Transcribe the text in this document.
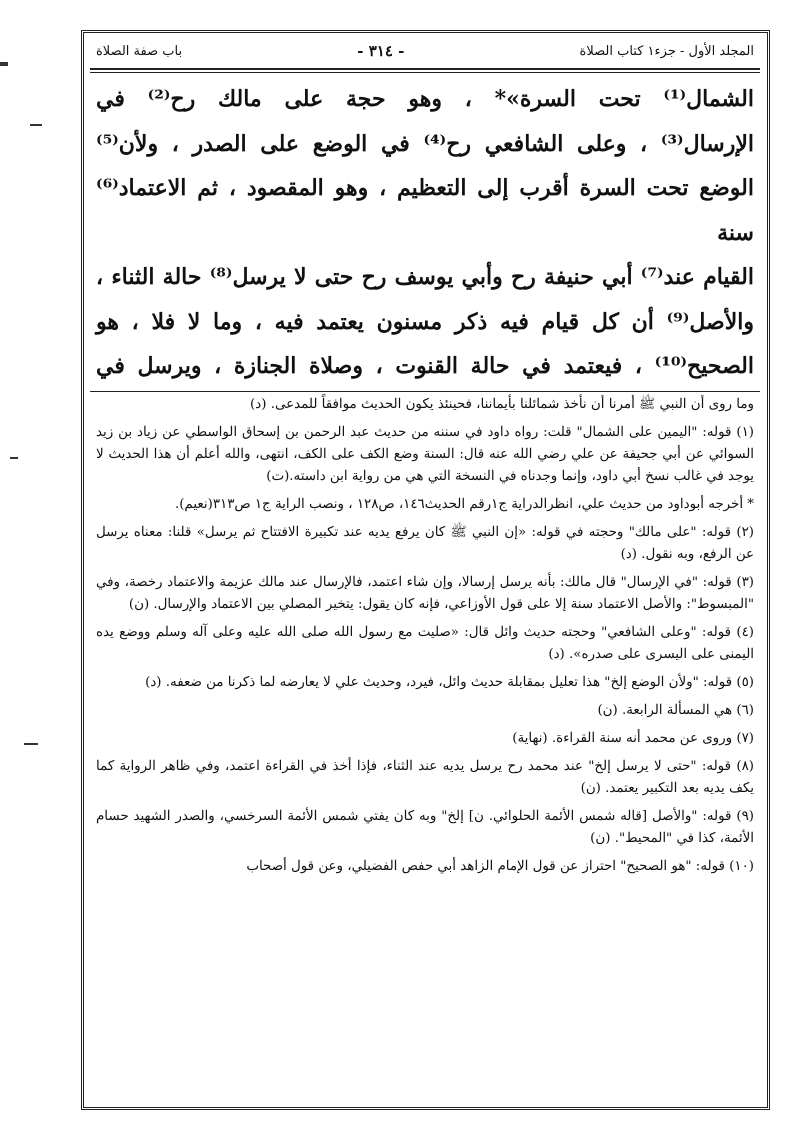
المجلد الأول - جزء١ كتاب الصلاة
- ٣١٤ -
باب صفة الصلاة

الشمال⁽¹⁾ تحت السرة»* ، وهو حجة على مالك رح⁽²⁾ في

الإرسال⁽³⁾ ، وعلى الشافعي رح⁽⁴⁾ في الوضع على الصدر ، ولأن⁽⁵⁾

الوضع تحت السرة أقرب إلى التعظيم ، وهو المقصود ، ثم الاعتماد⁽⁶⁾ سنة

القيام عند⁽⁷⁾ أبي حنيفة رح وأبي يوسف رح حتى لا يرسل⁽⁸⁾ حالة الثناء ،

والأصل⁽⁹⁾ أن كل قيام فيه ذكر مسنون يعتمد فيه ، وما لا فلا ، هو

الصحيح⁽¹⁰⁾ ، فيعتمد في حالة القنوت ، وصلاة الجنازة ، ويرسل في

وما روى أن النبي ﷺ أمرنا أن نأخذ شمائلنا بأيماننا، فحينئذ يكون الحديث موافقاً للمدعى. (د)

(١) قوله: "اليمين على الشمال" قلت: رواه داود في سننه من حديث عبد الرحمن بن إسحاق الواسطي عن زياد بن زيد السوائي عن أبي جحيفة عن علي رضي الله عنه قال: السنة وضع الكف على الكف، انتهى، والله أعلم أن هذا الحديث لا يوجد في غالب نسخ أبي داود، وإنما وجدناه في النسخة التي هي من رواية ابن داسته.(ت)

* أخرجه أبوداود من حديث علي، انظرالدراية ج١رقم الحديث١٤٦، ص١٢٨ ، ونصب الراية ج١ ص٣١٣(نعيم).

(٢) قوله: "على مالك" وحجته في قوله: «إن النبي ﷺ كان يرفع يديه عند تكبيرة الافتتاح ثم يرسل» قلنا: معناه يرسل عن الرفع، وبه نقول. (د)

(٣) قوله: "في الإرسال" قال مالك: بأنه يرسل إرسالا، وإن شاء اعتمد، فالإرسال عند مالك عزيمة والاعتماد رخصة، وفي "المبسوط": والأصل الاعتماد سنة إلا على قول الأوزاعي، فإنه كان يقول: يتخير المصلي بين الاعتماد والإرسال. (ن)

(٤) قوله: "وعلى الشافعي" وحجته حديث وائل قال: «صليت مع رسول الله صلى الله عليه وعلى آله وسلم ووضع يده اليمنى على اليسرى على صدره». (د)

(٥) قوله: "ولأن الوضع إلخ" هذا تعليل بمقابلة حديث وائل، فيرد، وحديث علي لا يعارضه لما ذكرنا من ضعفه. (د)

(٦) هي المسألة الرابعة. (ن)

(٧) وروى عن محمد أنه سنة القراءة. (نهاية)

(٨) قوله: "حتى لا يرسل إلخ" عند محمد رح يرسل يديه عند الثناء، فإذا أخذ في القراءة اعتمد، وفي ظاهر الرواية كما يكف يديه بعد التكبير يعتمد. (ن)

(٩) قوله: "والأصل [قاله شمس الأئمة الحلوائي. ن] إلخ" وبه كان يفتي شمس الأئمة السرخسي، والصدر الشهيد حسام الأئمة، كذا في "المحيط". (ن)

(١٠) قوله: "هو الصحيح" احتراز عن قول الإمام الزاهد أبي حفص الفضيلي، وعن قول أصحاب
